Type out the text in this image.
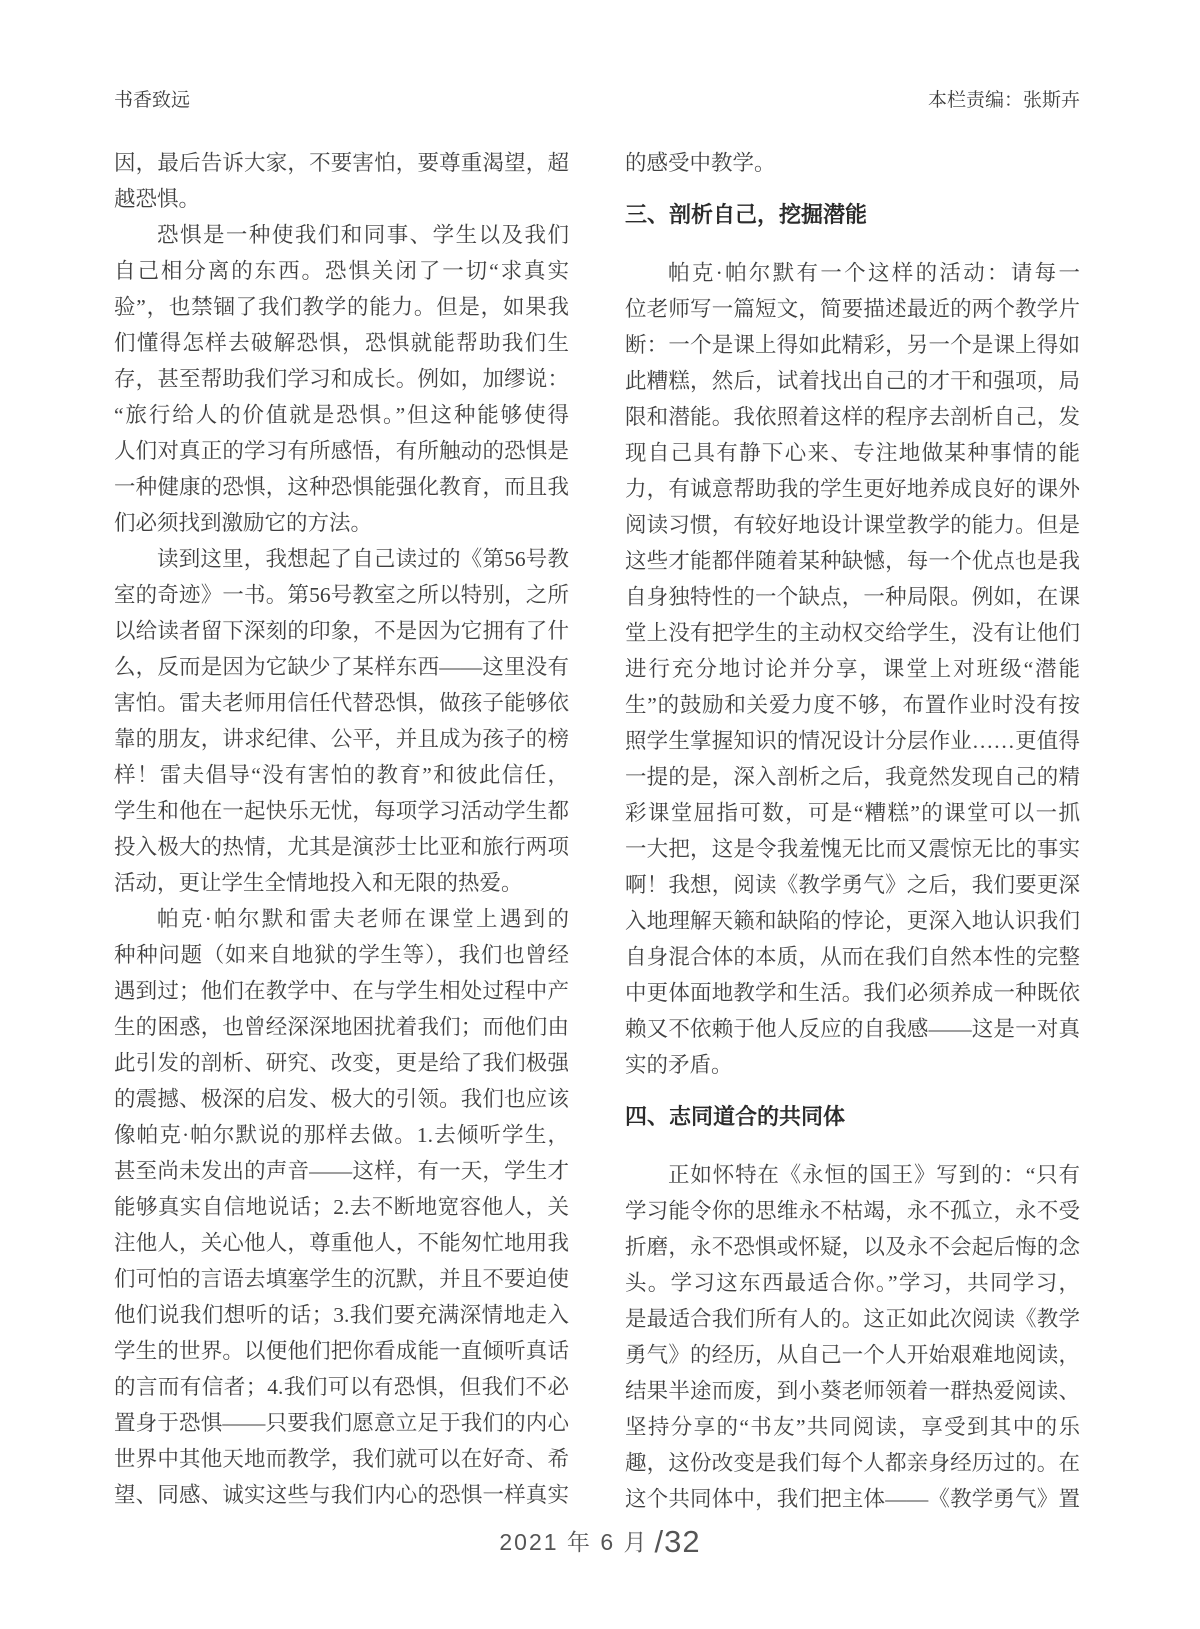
书香致远	本栏责编：张斯卉
因，最后告诉大家，不要害怕，要尊重渴望，超
越恐惧。
恐惧是一种使我们和同事、学生以及我们
自己相分离的东西。恐惧关闭了一切“求真实
验”，也禁锢了我们教学的能力。但是，如果我
们懂得怎样去破解恐惧，恐惧就能帮助我们生
存，甚至帮助我们学习和成长。例如，加缪说：
“旅行给人的价值就是恐惧。”但这种能够使得
人们对真正的学习有所感悟，有所触动的恐惧是
一种健康的恐惧，这种恐惧能强化教育，而且我
们必须找到激励它的方法。
读到这里，我想起了自己读过的《第56号教
室的奇迹》一书。第56号教室之所以特别，之所
以给读者留下深刻的印象，不是因为它拥有了什
么，反而是因为它缺少了某样东西——这里没有
害怕。雷夫老师用信任代替恐惧，做孩子能够依
靠的朋友，讲求纪律、公平，并且成为孩子的榜
样！雷夫倡导“没有害怕的教育”和彼此信任，
学生和他在一起快乐无忧，每项学习活动学生都
投入极大的热情，尤其是演莎士比亚和旅行两项
活动，更让学生全情地投入和无限的热爱。
帕克·帕尔默和雷夫老师在课堂上遇到的
种种问题（如来自地狱的学生等），我们也曾经
遇到过；他们在教学中、在与学生相处过程中产
生的困惑，也曾经深深地困扰着我们；而他们由
此引发的剖析、研究、改变，更是给了我们极强
的震撼、极深的启发、极大的引领。我们也应该
像帕克·帕尔默说的那样去做。1.去倾听学生，
甚至尚未发出的声音——这样，有一天，学生才
能够真实自信地说话；2.去不断地宽容他人，关
注他人，关心他人，尊重他人，不能匆忙地用我
们可怕的言语去填塞学生的沉默，并且不要迫使
他们说我们想听的话；3.我们要充满深情地走入
学生的世界。以便他们把你看成能一直倾听真话
的言而有信者；4.我们可以有恐惧，但我们不必
置身于恐惧——只要我们愿意立足于我们的内心
世界中其他天地而教学，我们就可以在好奇、希
望、同感、诚实这些与我们内心的恐惧一样真实
的感受中教学。
三、剖析自己，挖掘潜能
帕克·帕尔默有一个这样的活动：请每一
位老师写一篇短文，简要描述最近的两个教学片
断：一个是课上得如此精彩，另一个是课上得如
此糟糕，然后，试着找出自己的才干和强项，局
限和潜能。我依照着这样的程序去剖析自己，发
现自己具有静下心来、专注地做某种事情的能
力，有诚意帮助我的学生更好地养成良好的课外
阅读习惯，有较好地设计课堂教学的能力。但是
这些才能都伴随着某种缺憾，每一个优点也是我
自身独特性的一个缺点，一种局限。例如，在课
堂上没有把学生的主动权交给学生，没有让他们
进行充分地讨论并分享，课堂上对班级“潜能
生”的鼓励和关爱力度不够，布置作业时没有按
照学生掌握知识的情况设计分层作业……更值得
一提的是，深入剖析之后，我竟然发现自己的精
彩课堂屈指可数，可是“糟糕”的课堂可以一抓
一大把，这是令我羞愧无比而又震惊无比的事实
啊！我想，阅读《教学勇气》之后，我们要更深
入地理解天籁和缺陷的悖论，更深入地认识我们
自身混合体的本质，从而在我们自然本性的完整
中更体面地教学和生活。我们必须养成一种既依
赖又不依赖于他人反应的自我感——这是一对真
实的矛盾。
四、志同道合的共同体
正如怀特在《永恒的国王》写到的：“只有
学习能令你的思维永不枯竭，永不孤立，永不受
折磨，永不恐惧或怀疑，以及永不会起后悔的念
头。学习这东西最适合你。”学习，共同学习，
是最适合我们所有人的。这正如此次阅读《教学
勇气》的经历，从自己一个人开始艰难地阅读，
结果半途而废，到小葵老师领着一群热爱阅读、
坚持分享的“书友”共同阅读，享受到其中的乐
趣，这份改变是我们每个人都亲身经历过的。在
这个共同体中，我们把主体——《教学勇气》置
2021 年 6 月 /32
